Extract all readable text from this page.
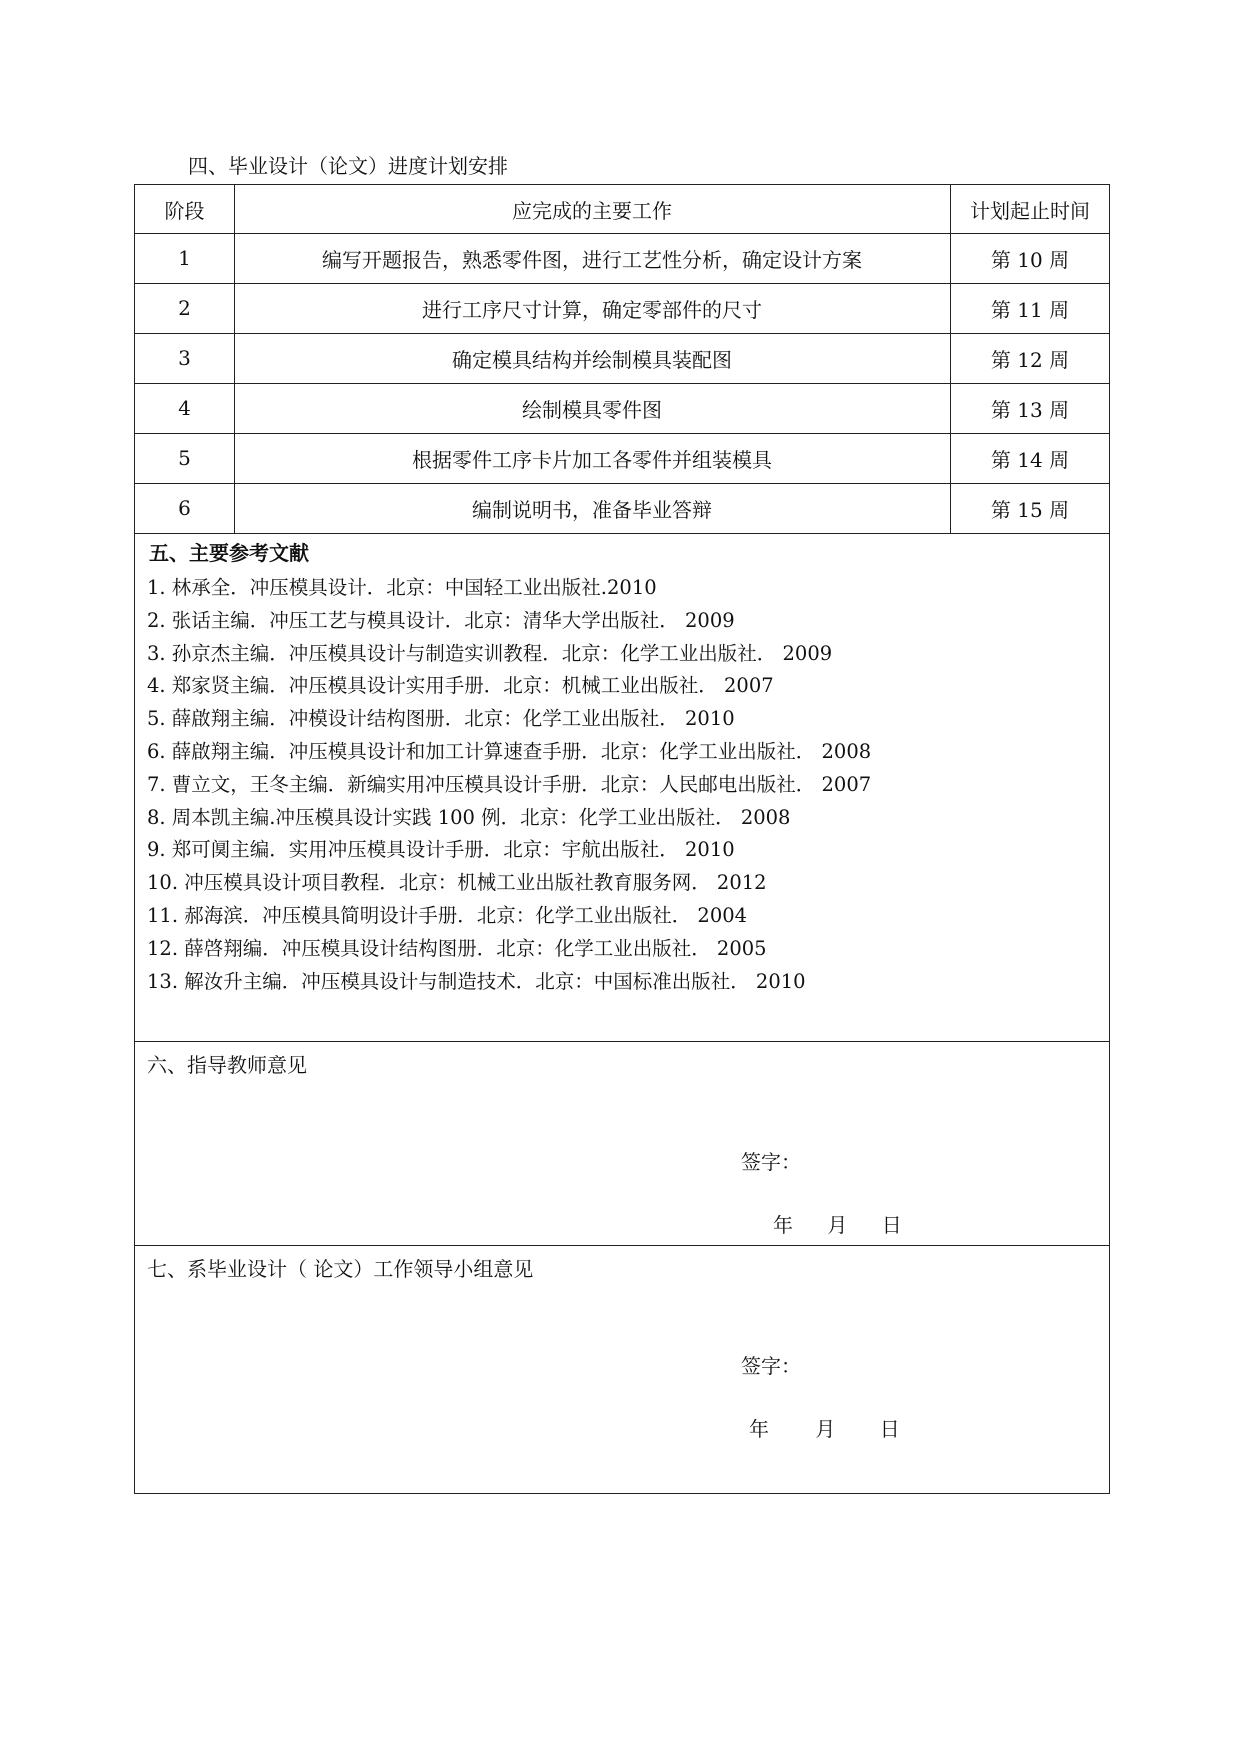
四、毕业设计（论文）进度计划安排
阶段	应完成的主要工作	计划起止时间
1	编写开题报告，熟悉零件图，进行工艺性分析，确定设计方案	第 10 周
2	进行工序尺寸计算，确定零部件的尺寸	第 11 周
3	确定模具结构并绘制模具装配图	第 12 周
4	绘制模具零件图	第 13 周
5	根据零件工序卡片加工各零件并组装模具	第 14 周
6	编制说明书，准备毕业答辩	第 15 周
五、主要参考文献
1. 林承全．冲压模具设计．北京：中国轻工业出版社.2010
2. 张话主编．冲压工艺与模具设计．北京：清华大学出版社． 2009
3. 孙京杰主编．冲压模具设计与制造实训教程．北京：化学工业出版社． 2009
4. 郑家贤主编．冲压模具设计实用手册．北京：机械工业出版社． 2007
5. 薛啟翔主编．冲模设计结构图册．北京：化学工业出版社． 2010
6. 薛啟翔主编．冲压模具设计和加工计算速查手册．北京：化学工业出版社． 2008
7. 曹立文，王冬主编．新编实用冲压模具设计手册．北京：人民邮电出版社． 2007
8. 周本凯主编.冲压模具设计实践 100 例．北京：化学工业出版社． 2008
9. 郑可阒主编．实用冲压模具设计手册．北京：宇航出版社． 2010
10. 冲压模具设计项目教程．北京：机械工业出版社教育服务网． 2012
11. 郝海滨．冲压模具简明设计手册．北京：化学工业出版社． 2004
12. 薛啓翔编．冲压模具设计结构图册．北京：化学工业出版社． 2005
13. 解汝升主编．冲压模具设计与制造技术．北京：中国标准出版社． 2010
六、指导教师意见
签字：
年 月 日
七、系毕业设计（ 论文）工作领导小组意见
签字：
年 月 日
